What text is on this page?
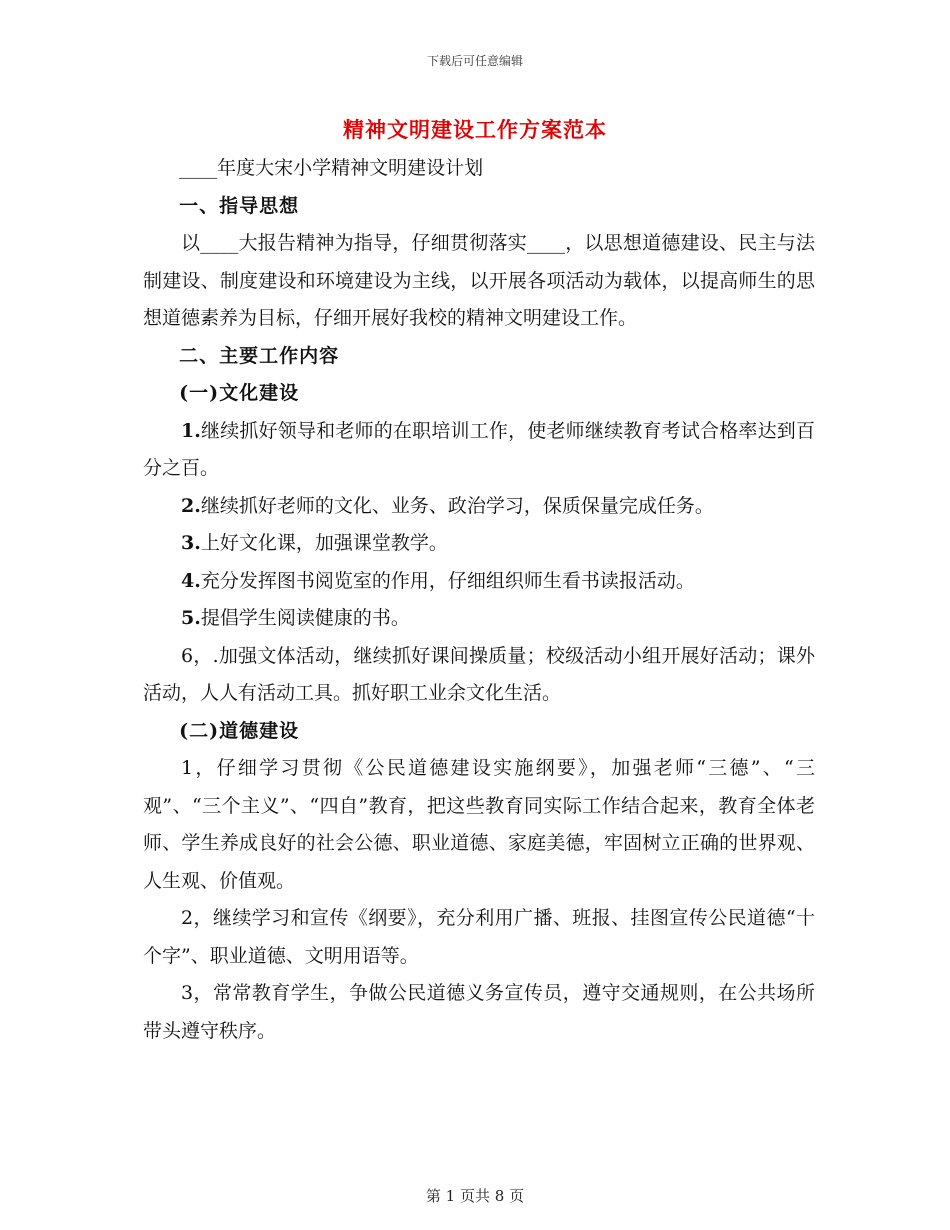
下载后可任意编辑
精神文明建设工作方案范本

____年度大宋小学精神文明建设计划

一、指导思想

以____大报告精神为指导，仔细贯彻落实____，以思想道德建设、民主与法制建设、制度建设和环境建设为主线，以开展各项活动为载体，以提高师生的思想道德素养为目标，仔细开展好我校的精神文明建设工作。

二、主要工作内容

(一)文化建设

1.继续抓好领导和老师的在职培训工作，使老师继续教育考试合格率达到百分之百。

2.继续抓好老师的文化、业务、政治学习，保质保量完成任务。

3.上好文化课，加强课堂教学。

4.充分发挥图书阅览室的作用，仔细组织师生看书读报活动。

5.提倡学生阅读健康的书。

6，.加强文体活动，继续抓好课间操质量；校级活动小组开展好活动；课外活动，人人有活动工具。抓好职工业余文化生活。

(二)道德建设

1，仔细学习贯彻《公民道德建设实施纲要》，加强老师“三德”、“三观”、“三个主义”、“四自”教育，把这些教育同实际工作结合起来，教育全体老师、学生养成良好的社会公德、职业道德、家庭美德，牢固树立正确的世界观、人生观、价值观。

2，继续学习和宣传《纲要》，充分利用广播、班报、挂图宣传公民道德“十个字”、职业道德、文明用语等。

3，常常教育学生，争做公民道德义务宣传员，遵守交通规则，在公共场所带头遵守秩序。

第 1 页共 8 页
